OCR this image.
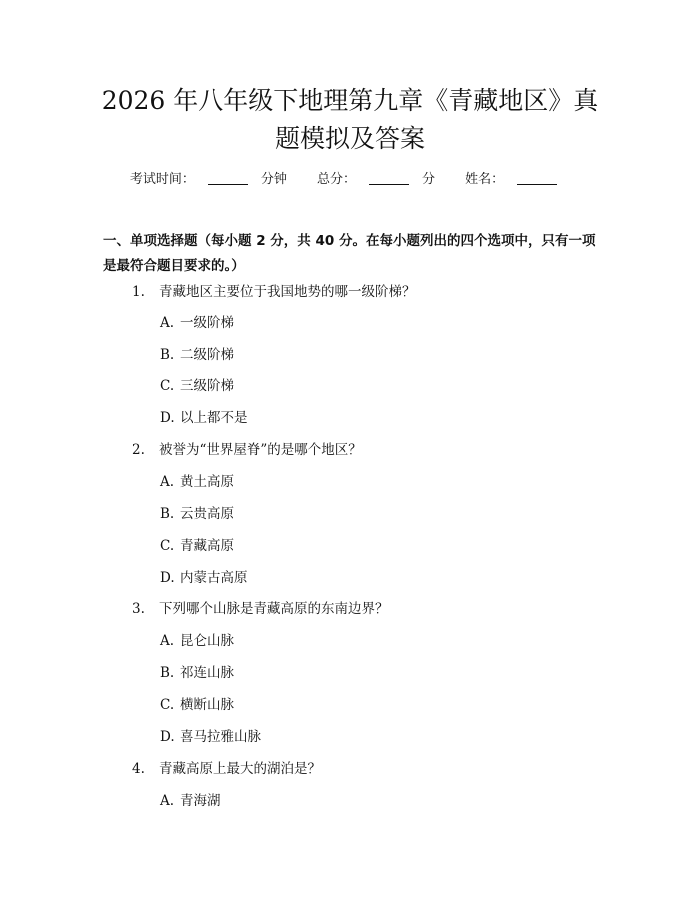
2026 年八年级下地理第九章《青藏地区》真
题模拟及答案
考试时间：	分钟 总分：	分 姓名：
一、单项选择题（每小题 2 分，共 40 分。在每小题列出的四个选项中，只有一项是最符合题目要求的。）
1. 青藏地区主要位于我国地势的哪一级阶梯？
A. 一级阶梯
B. 二级阶梯
C. 三级阶梯
D. 以上都不是
2. 被誉为“世界屋脊”的是哪个地区？
A. 黄土高原
B. 云贵高原
C. 青藏高原
D. 内蒙古高原
3. 下列哪个山脉是青藏高原的东南边界？
A. 昆仑山脉
B. 祁连山脉
C. 横断山脉
D. 喜马拉雅山脉
4. 青藏高原上最大的湖泊是？
A. 青海湖
